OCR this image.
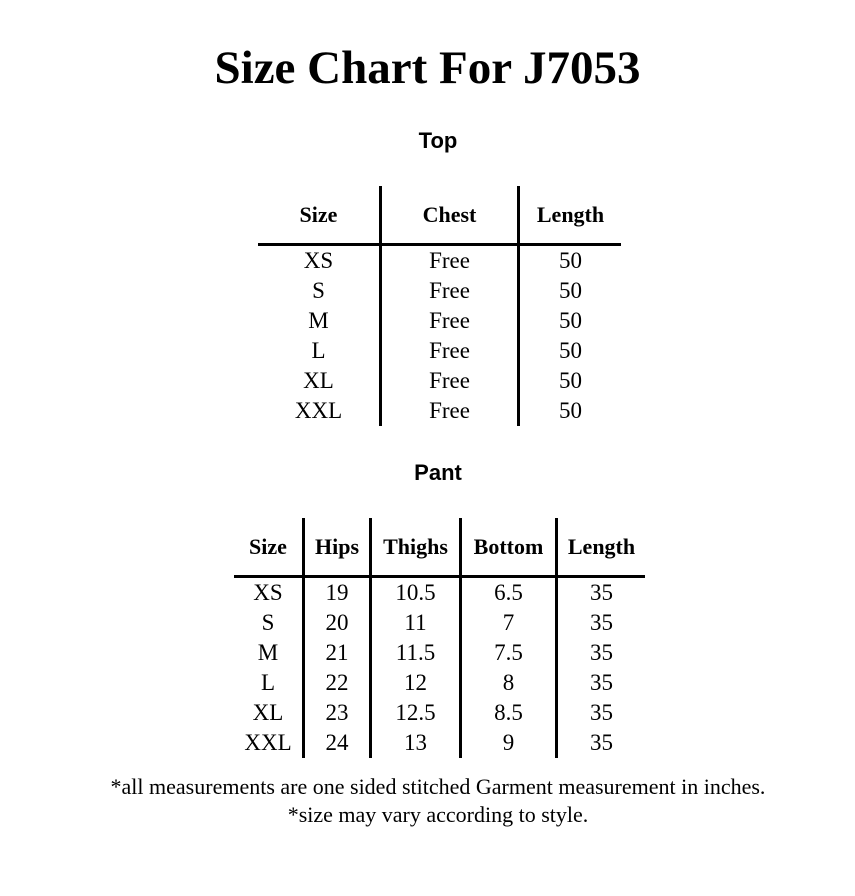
Size Chart For J7053
Top
Size	Chest	Length
XS	Free	50
S	Free	50
M	Free	50
L	Free	50
XL	Free	50
XXL	Free	50
Pant
Size	Hips	Thighs	Bottom	Length
XS	19	10.5	6.5	35
S	20	11	7	35
M	21	11.5	7.5	35
L	22	12	8	35
XL	23	12.5	8.5	35
XXL	24	13	9	35
*all measurements are one sided stitched Garment measurement in inches.
*size may vary according to style.
